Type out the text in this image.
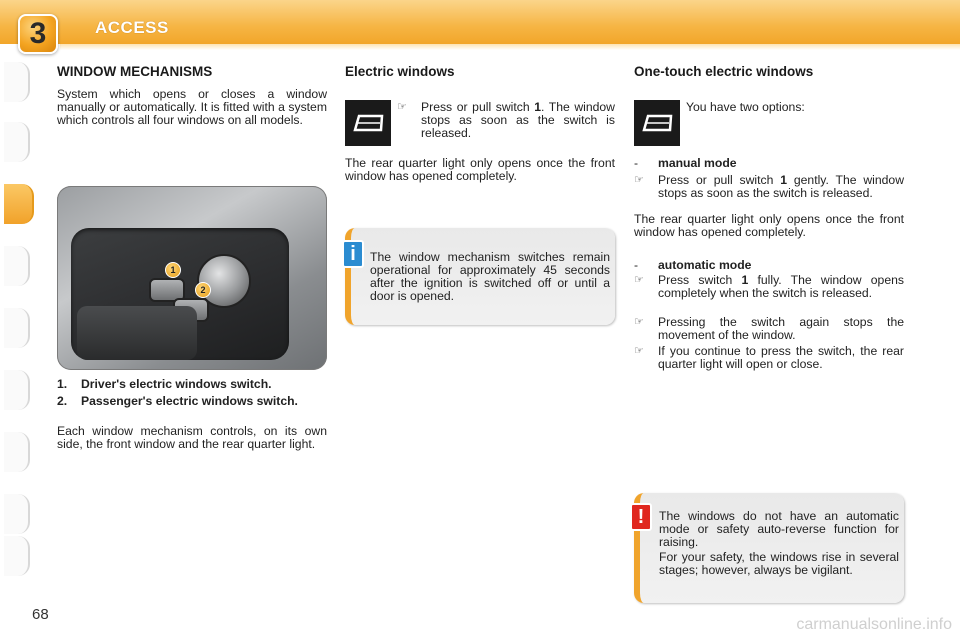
3	ACCESS
WINDOW MECHANISMS
System which opens or closes a window manually or automatically. It is fitted with a system which controls all four windows on all models.
1
2
1. Driver's electric windows switch.
2. Passenger's electric windows switch.
Each window mechanism controls, on its own side, the front window and the rear quarter light.
Electric windows
☞ Press or pull switch 1. The window stops as soon as the switch is released.
The rear quarter light only opens once the front window has opened completely.
i	The window mechanism switches remain operational for approximately 45 seconds after the ignition is switched off or until a door is opened.
One-touch electric windows
You have two options:
- manual mode
☞ Press or pull switch 1 gently. The window stops as soon as the switch is released.
The rear quarter light only opens once the front window has opened completely.
- automatic mode
☞ Press switch 1 fully. The window opens completely when the switch is released.
☞ Pressing the switch again stops the movement of the window.
☞ If you continue to press the switch, the rear quarter light will open or close.
!	The windows do not have an automatic mode or safety auto-reverse function for raising.
For your safety, the windows rise in several stages; however, always be vigilant.
68
carmanualsonline.info
